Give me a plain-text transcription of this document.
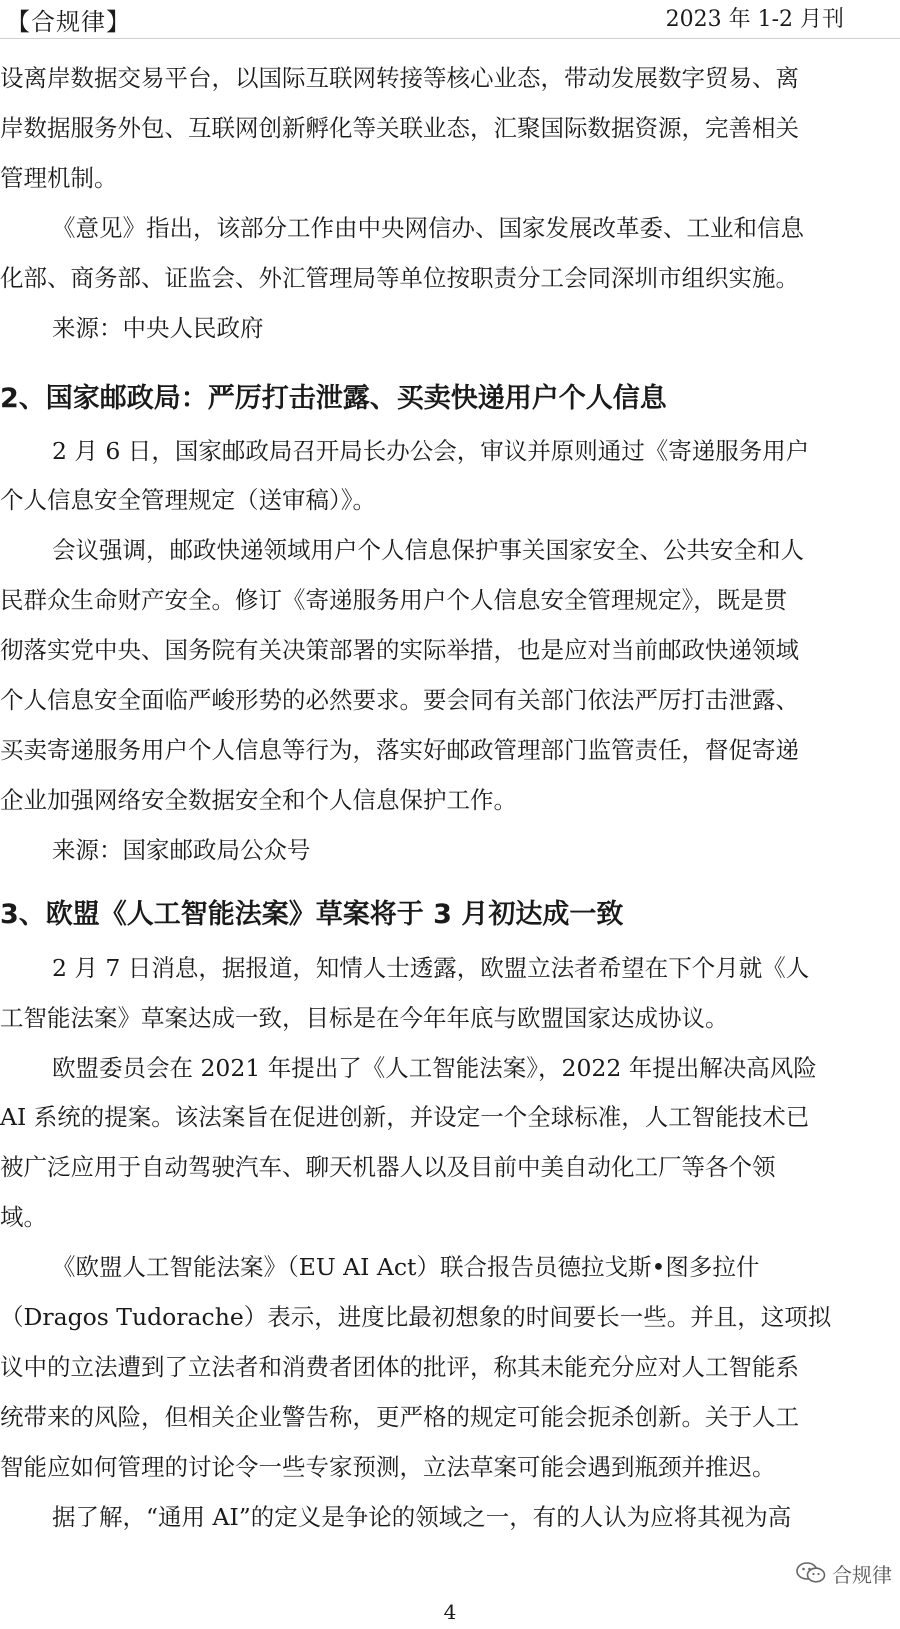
【合规律】	2023 年 1-2 月刊
设离岸数据交易平台，以国际互联网转接等核心业态，带动发展数字贸易、离
岸数据服务外包、互联网创新孵化等关联业态，汇聚国际数据资源，完善相关
管理机制。
《意见》指出，该部分工作由中央网信办、国家发展改革委、工业和信息
化部、商务部、证监会、外汇管理局等单位按职责分工会同深圳市组织实施。
来源：中央人民政府
2、国家邮政局：严厉打击泄露、买卖快递用户个人信息
2 月 6 日，国家邮政局召开局长办公会，审议并原则通过《寄递服务用户
个人信息安全管理规定（送审稿）》。
会议强调，邮政快递领域用户个人信息保护事关国家安全、公共安全和人
民群众生命财产安全。修订《寄递服务用户个人信息安全管理规定》，既是贯
彻落实党中央、国务院有关决策部署的实际举措，也是应对当前邮政快递领域
个人信息安全面临严峻形势的必然要求。要会同有关部门依法严厉打击泄露、
买卖寄递服务用户个人信息等行为，落实好邮政管理部门监管责任，督促寄递
企业加强网络安全数据安全和个人信息保护工作。
来源：国家邮政局公众号
3、欧盟《人工智能法案》草案将于 3 月初达成一致
2 月 7 日消息，据报道，知情人士透露，欧盟立法者希望在下个月就《人
工智能法案》草案达成一致，目标是在今年年底与欧盟国家达成协议。
欧盟委员会在 2021 年提出了《人工智能法案》，2022 年提出解决高风险
AI 系统的提案。该法案旨在促进创新，并设定一个全球标准，人工智能技术已
被广泛应用于自动驾驶汽车、聊天机器人以及目前中美自动化工厂等各个领
域。
《欧盟人工智能法案》（EU AI Act）联合报告员德拉戈斯•图多拉什
（Dragos Tudorache）表示，进度比最初想象的时间要长一些。并且，这项拟
议中的立法遭到了立法者和消费者团体的批评，称其未能充分应对人工智能系
统带来的风险，但相关企业警告称，更严格的规定可能会扼杀创新。关于人工
智能应如何管理的讨论令一些专家预测，立法草案可能会遇到瓶颈并推迟。
据了解，“通用 AI”的定义是争论的领域之一，有的人认为应将其视为高
合规律
4
